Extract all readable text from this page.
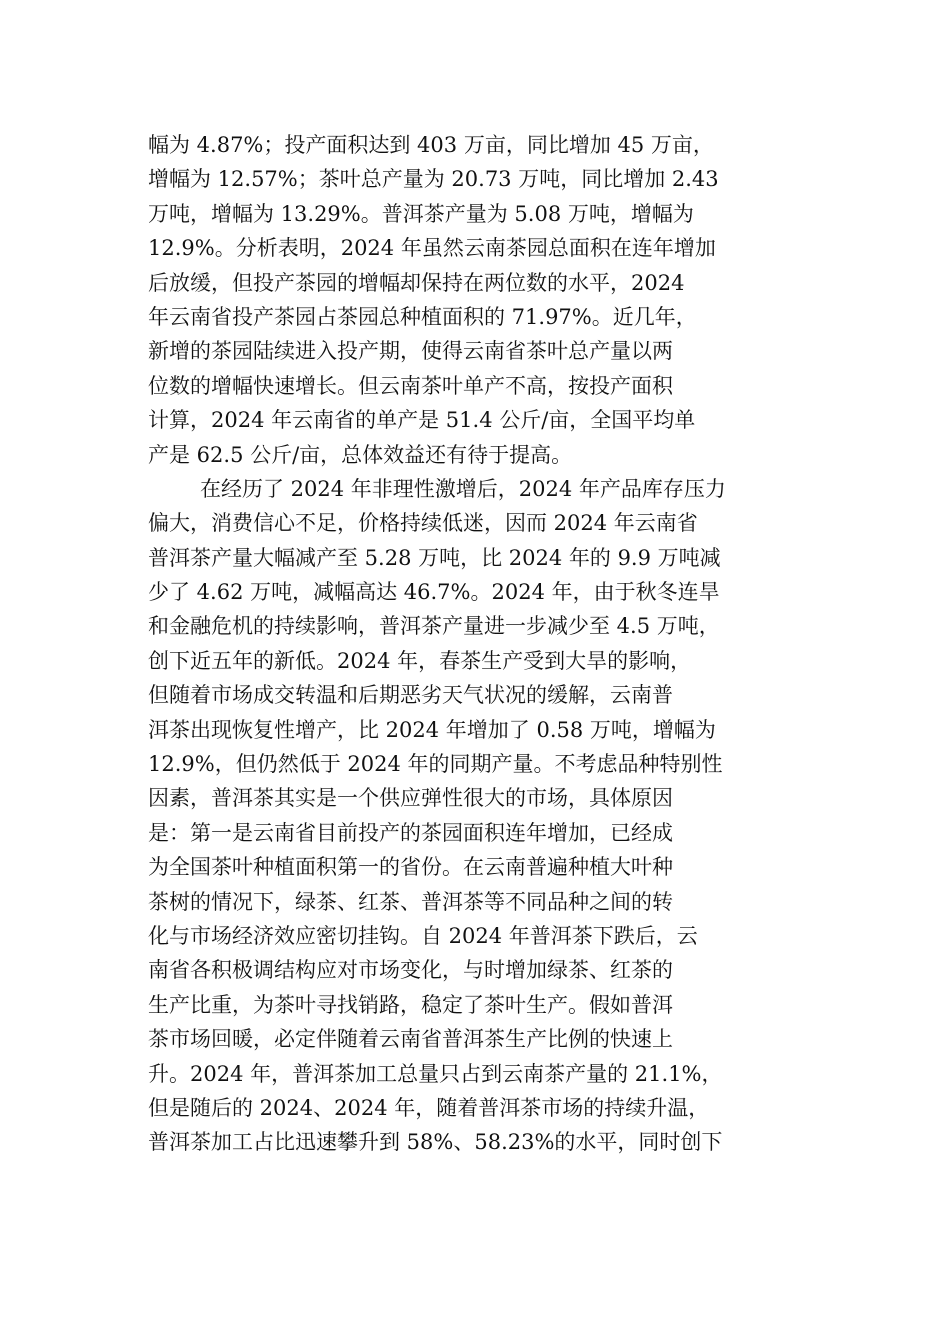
幅为 4.87%；投产面积达到 403 万亩，同比增加 45 万亩，
增幅为 12.57%；茶叶总产量为 20.73 万吨，同比增加 2.43
万吨，增幅为 13.29%。普洱茶产量为 5.08 万吨，增幅为
12.9%。分析表明，2024 年虽然云南茶园总面积在连年增加
后放缓，但投产茶园的增幅却保持在两位数的水平，2024
年云南省投产茶园占茶园总种植面积的 71.97%。近几年，
新增的茶园陆续进入投产期，使得云南省茶叶总产量以两
位数的增幅快速增长。但云南茶叶单产不高，按投产面积
计算，2024 年云南省的单产是 51.4 公斤/亩，全国平均单
产是 62.5 公斤/亩，总体效益还有待于提高。
在经历了 2024 年非理性激增后，2024 年产品库存压力
偏大，消费信心不足，价格持续低迷，因而 2024 年云南省
普洱茶产量大幅减产至 5.28 万吨，比 2024 年的 9.9 万吨减
少了 4.62 万吨，减幅高达 46.7%。2024 年，由于秋冬连旱
和金融危机的持续影响，普洱茶产量进一步减少至 4.5 万吨，
创下近五年的新低。2024 年，春茶生产受到大旱的影响，
但随着市场成交转温和后期恶劣天气状况的缓解，云南普
洱茶出现恢复性增产，比 2024 年增加了 0.58 万吨，增幅为
12.9%，但仍然低于 2024 年的同期产量。不考虑品种特别性
因素，普洱茶其实是一个供应弹性很大的市场，具体原因
是：第一是云南省目前投产的茶园面积连年增加，已经成
为全国茶叶种植面积第一的省份。在云南普遍种植大叶种
茶树的情况下，绿茶、红茶、普洱茶等不同品种之间的转
化与市场经济效应密切挂钩。自 2024 年普洱茶下跌后，云
南省各积极调结构应对市场变化，与时增加绿茶、红茶的
生产比重，为茶叶寻找销路，稳定了茶叶生产。假如普洱
茶市场回暖，必定伴随着云南省普洱茶生产比例的快速上
升。2024 年，普洱茶加工总量只占到云南茶产量的 21.1%，
但是随后的 2024、2024 年，随着普洱茶市场的持续升温，
普洱茶加工占比迅速攀升到 58%、58.23%的水平，同时创下
